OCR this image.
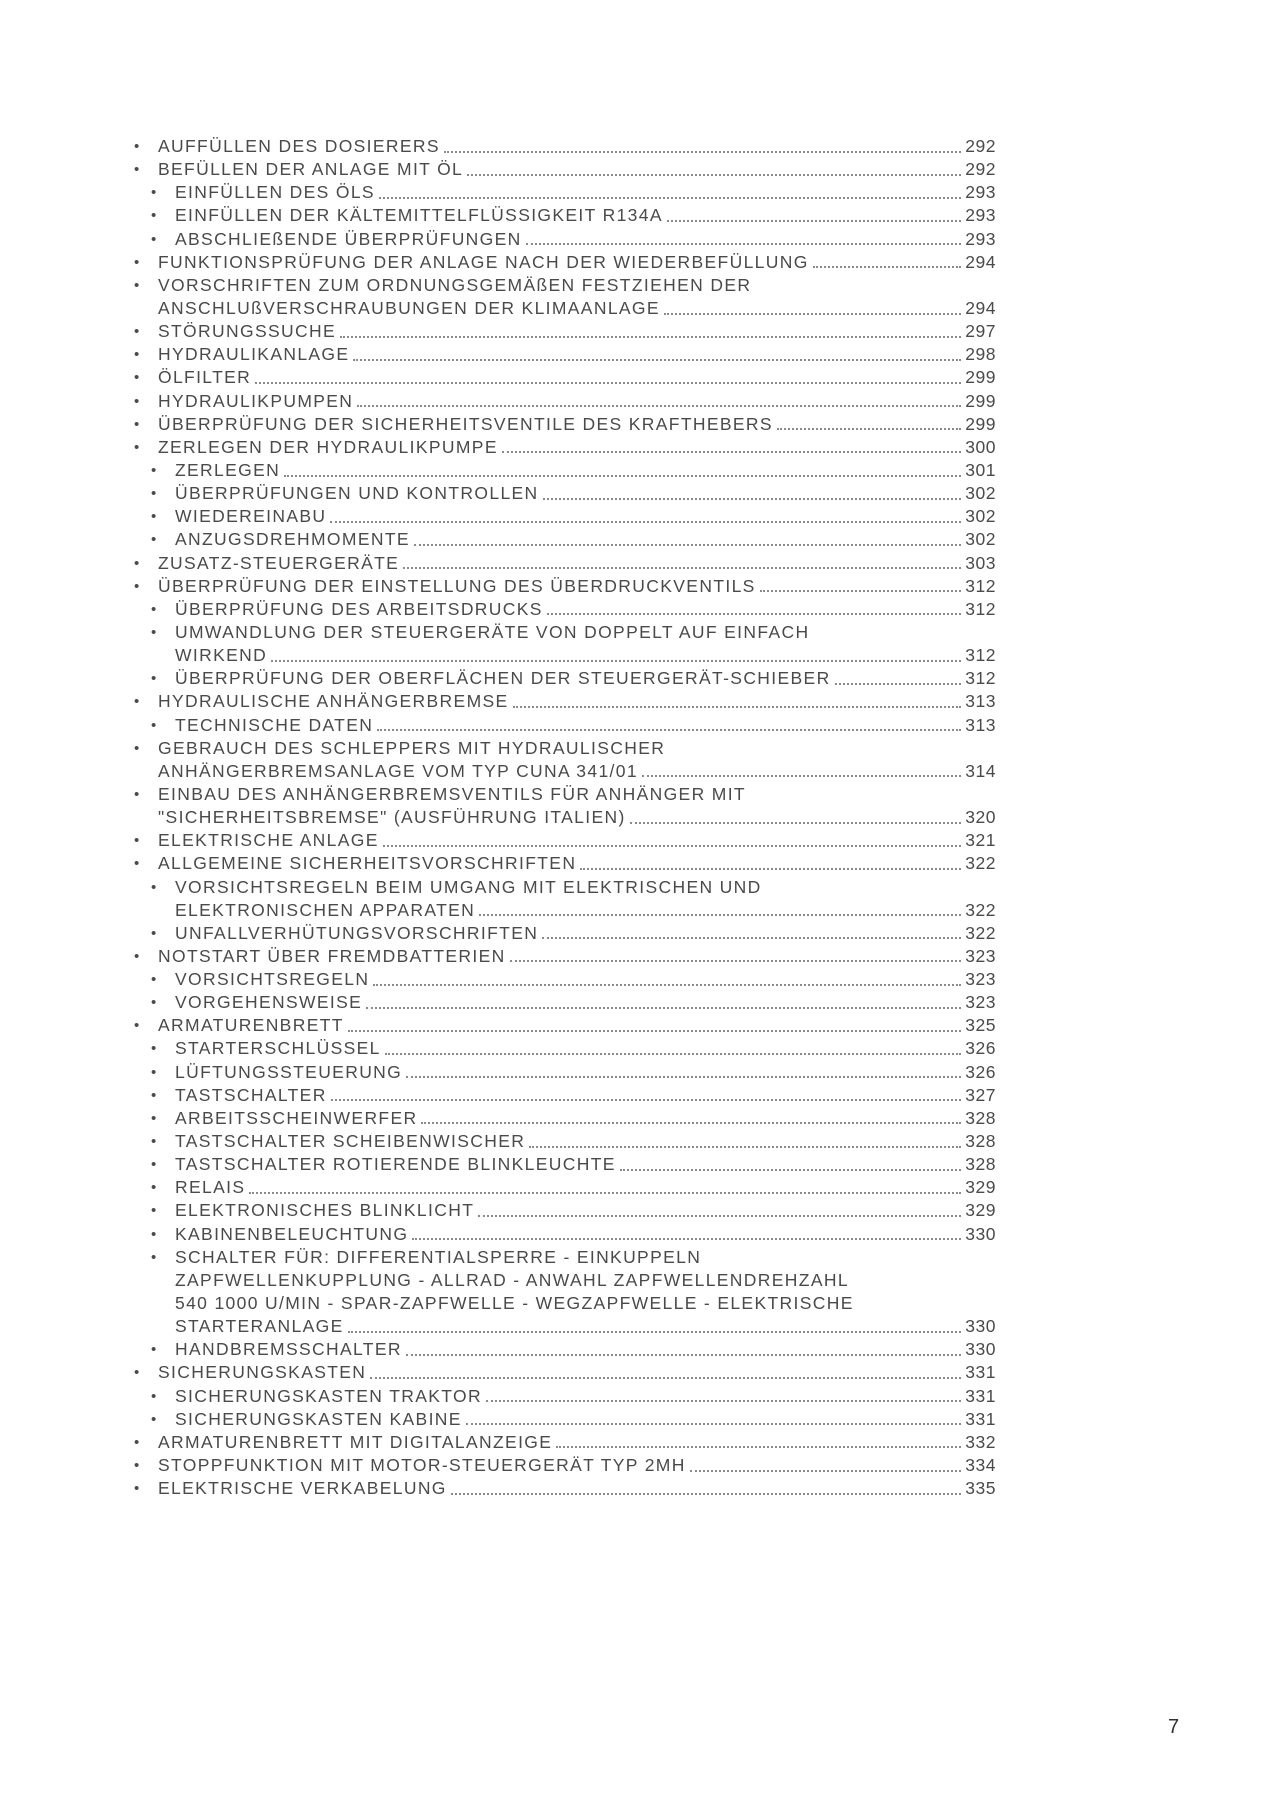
•	AUFFÜLLEN DES DOSIERERS	292
•	BEFÜLLEN DER ANLAGE MIT ÖL	292
•	EINFÜLLEN DES ÖLS	293
•	EINFÜLLEN DER KÄLTEMITTELFLÜSSIGKEIT R134A	293
•	ABSCHLIEßENDE ÜBERPRÜFUNGEN	293
•	FUNKTIONSPRÜFUNG DER ANLAGE NACH DER WIEDERBEFÜLLUNG	294
•	VORSCHRIFTEN ZUM ORDNUNGSGEMÄßEN FESTZIEHEN DER
ANSCHLUßVERSCHRAUBUNGEN DER KLIMAANLAGE	294
•	STÖRUNGSSUCHE	297
•	HYDRAULIKANLAGE	298
•	ÖLFILTER	299
•	HYDRAULIKPUMPEN	299
•	ÜBERPRÜFUNG DER SICHERHEITSVENTILE DES KRAFTHEBERS	299
•	ZERLEGEN DER HYDRAULIKPUMPE	300
•	ZERLEGEN	301
•	ÜBERPRÜFUNGEN UND KONTROLLEN	302
•	WIEDEREINABU	302
•	ANZUGSDREHMOMENTE	302
•	ZUSATZ-STEUERGERÄTE	303
•	ÜBERPRÜFUNG DER EINSTELLUNG DES ÜBERDRUCKVENTILS	312
•	ÜBERPRÜFUNG DES ARBEITSDRUCKS	312
•	UMWANDLUNG DER STEUERGERÄTE VON DOPPELT AUF EINFACH
WIRKEND	312
•	ÜBERPRÜFUNG DER OBERFLÄCHEN DER STEUERGERÄT-SCHIEBER	312
•	HYDRAULISCHE ANHÄNGERBREMSE	313
•	TECHNISCHE DATEN	313
•	GEBRAUCH DES SCHLEPPERS MIT HYDRAULISCHER
ANHÄNGERBREMSANLAGE VOM TYP CUNA 341/01	314
•	EINBAU DES ANHÄNGERBREMSVENTILS FÜR ANHÄNGER MIT
"SICHERHEITSBREMSE" (AUSFÜHRUNG ITALIEN)	320
•	ELEKTRISCHE ANLAGE	321
•	ALLGEMEINE SICHERHEITSVORSCHRIFTEN	322
•	VORSICHTSREGELN BEIM UMGANG MIT ELEKTRISCHEN UND
ELEKTRONISCHEN APPARATEN	322
•	UNFALLVERHÜTUNGSVORSCHRIFTEN	322
•	NOTSTART ÜBER FREMDBATTERIEN	323
•	VORSICHTSREGELN	323
•	VORGEHENSWEISE	323
•	ARMATURENBRETT	325
•	STARTERSCHLÜSSEL	326
•	LÜFTUNGSSTEUERUNG	326
•	TASTSCHALTER	327
•	ARBEITSSCHEINWERFER	328
•	TASTSCHALTER SCHEIBENWISCHER	328
•	TASTSCHALTER ROTIERENDE BLINKLEUCHTE	328
•	RELAIS	329
•	ELEKTRONISCHES BLINKLICHT	329
•	KABINENBELEUCHTUNG	330
•	SCHALTER FÜR: DIFFERENTIALSPERRE - EINKUPPELN
ZAPFWELLENKUPPLUNG - ALLRAD - ANWAHL ZAPFWELLENDREHZAHL
540 1000 U/MIN - SPAR-ZAPFWELLE - WEGZAPFWELLE - ELEKTRISCHE
STARTERANLAGE	330
•	HANDBREMSSCHALTER	330
•	SICHERUNGSKASTEN	331
•	SICHERUNGSKASTEN TRAKTOR	331
•	SICHERUNGSKASTEN KABINE	331
•	ARMATURENBRETT MIT DIGITALANZEIGE	332
•	STOPPFUNKTION MIT MOTOR-STEUERGERÄT TYP 2MH	334
•	ELEKTRISCHE VERKABELUNG	335
7
